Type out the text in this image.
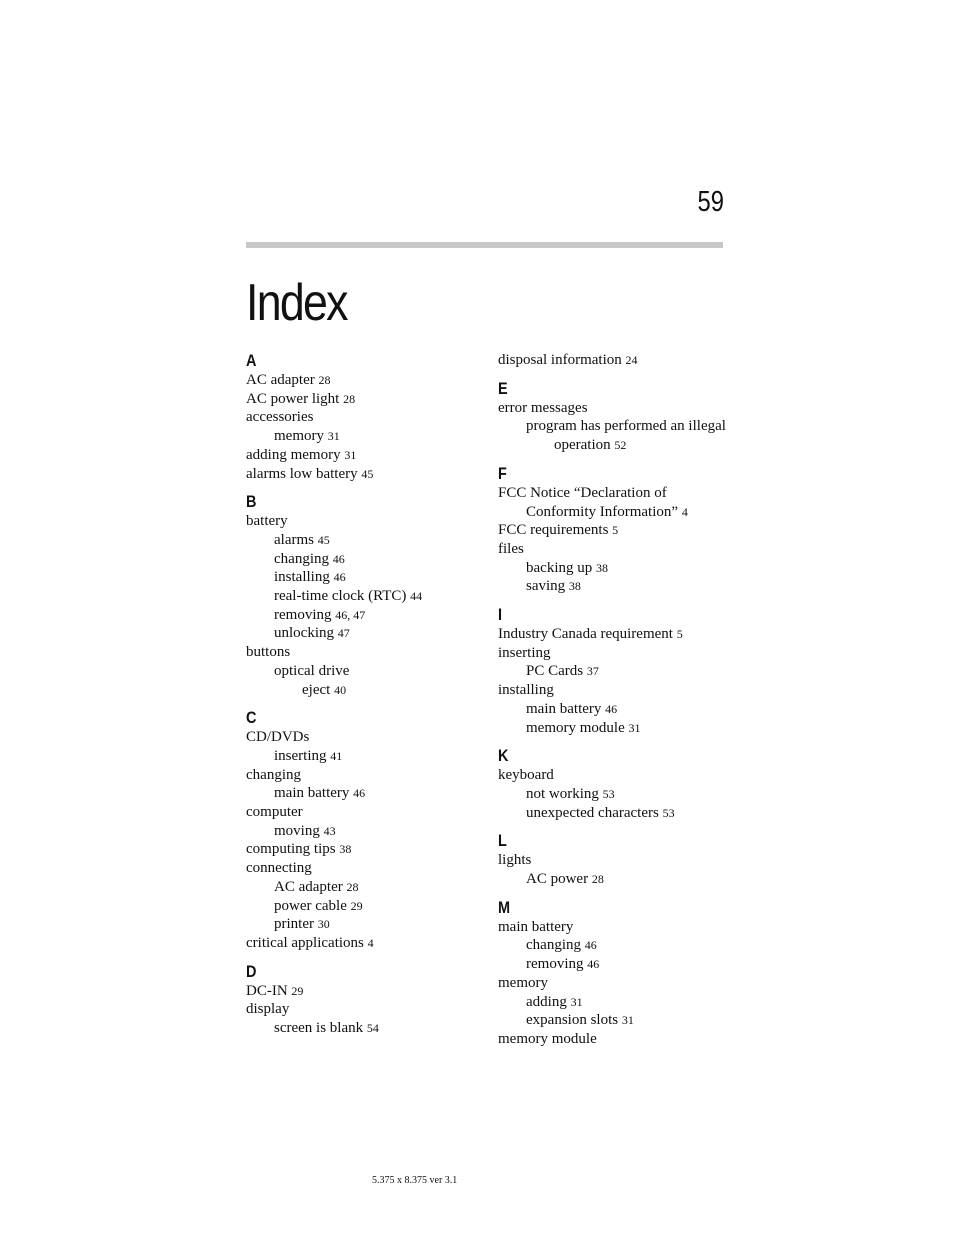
59
Index
A
AC adapter 28
AC power light 28
accessories
memory 31
adding memory 31
alarms low battery 45
B
battery
alarms 45
changing 46
installing 46
real-time clock (RTC) 44
removing 46, 47
unlocking 47
buttons
optical drive
eject 40
C
CD/DVDs
inserting 41
changing
main battery 46
computer
moving 43
computing tips 38
connecting
AC adapter 28
power cable 29
printer 30
critical applications 4
D
DC-IN 29
display
screen is blank 54
disposal information 24
E
error messages
program has performed an illegal
operation 52
F
FCC Notice “Declaration of
Conformity Information” 4
FCC requirements 5
files
backing up 38
saving 38
I
Industry Canada requirement 5
inserting
PC Cards 37
installing
main battery 46
memory module 31
K
keyboard
not working 53
unexpected characters 53
L
lights
AC power 28
M
main battery
changing 46
removing 46
memory
adding 31
expansion slots 31
memory module
5.375 x 8.375 ver 3.1
